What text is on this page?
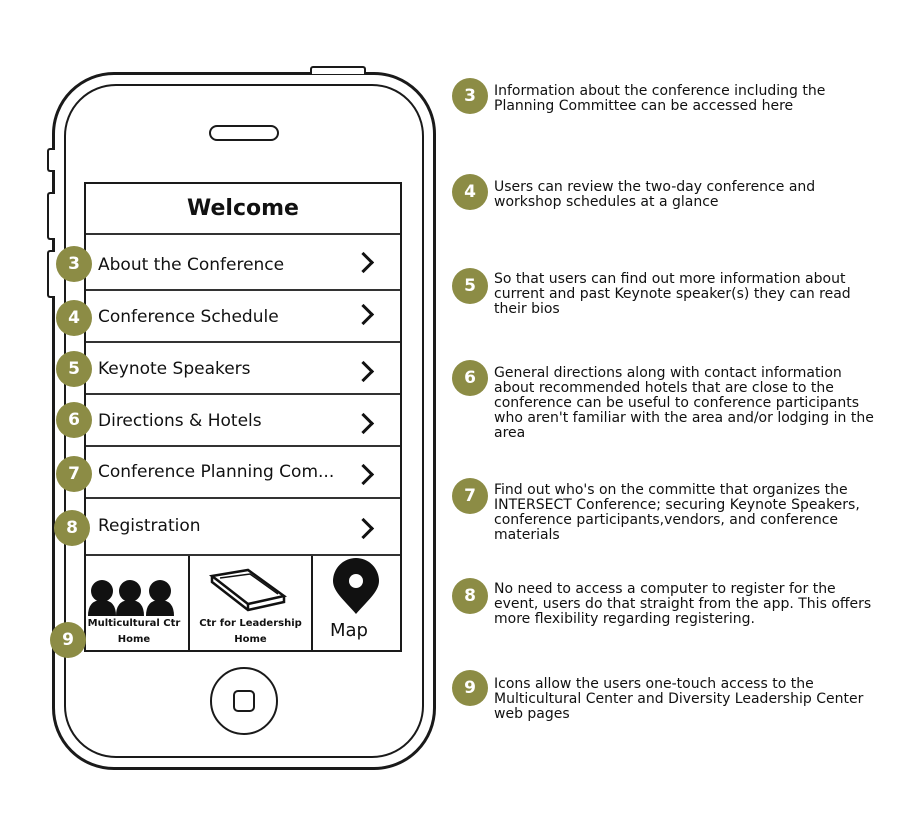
Welcome
About the Conference
Conference Schedule
Keynote Speakers
Directions & Hotels
Conference Planning Com...
Registration
Multicultural Ctr
Home
Ctr for Leadership
Home	Map
3
4
5
6
7
8
9
3	Information about the conference including the Planning Committee can be accessed here
4	Users can review the two-day conference and workshop schedules at a glance
5	So that users can find out more information about current and past Keynote speaker(s) they can read their bios
6	General directions along with contact information about recommended hotels that are close to the conference can be useful to conference participants who aren't familiar with the area and/or lodging in the area
7	Find out who's on the committe that organizes the INTERSECT Conference; securing Keynote Speakers, conference participants,vendors, and conference materials
8	No need to access a computer to register for the event, users do that straight from the app. This offers more flexibility regarding registering.
9	Icons allow the users one-touch access to the Multicultural Center and Diversity Leadership Center web pages
